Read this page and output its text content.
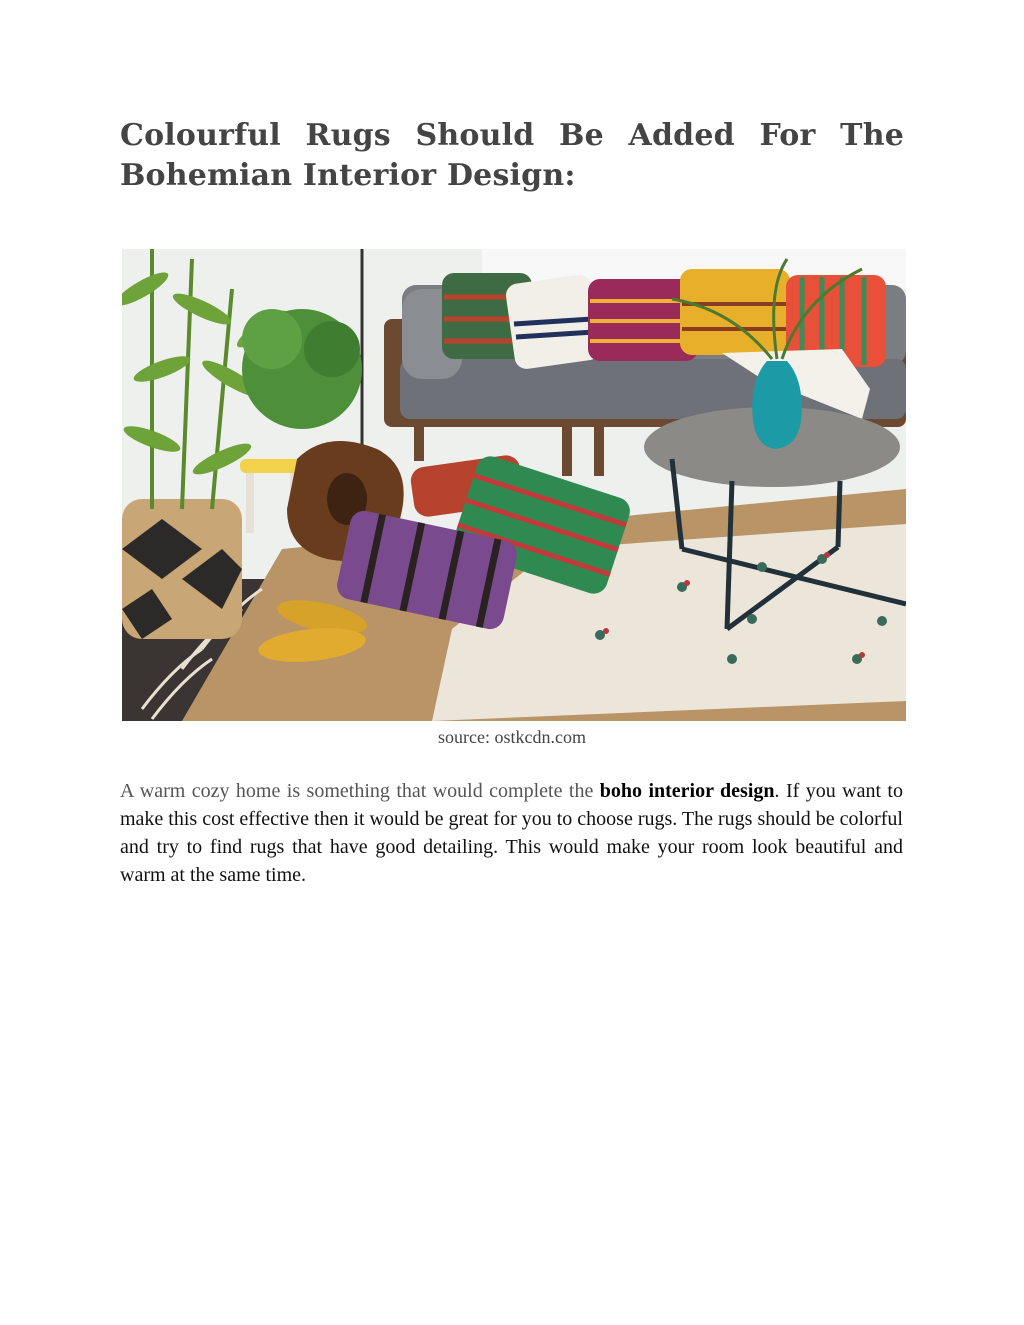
Colourful Rugs Should Be Added For The Bohemian Interior Design:
source: ostkcdn.com

A warm cozy home is something that would complete the boho interior design. If you want to make this cost effective then it would be great for you to choose rugs. The rugs should be colorful and try to find rugs that have good detailing. This would make your room look beautiful and warm at the same time.
